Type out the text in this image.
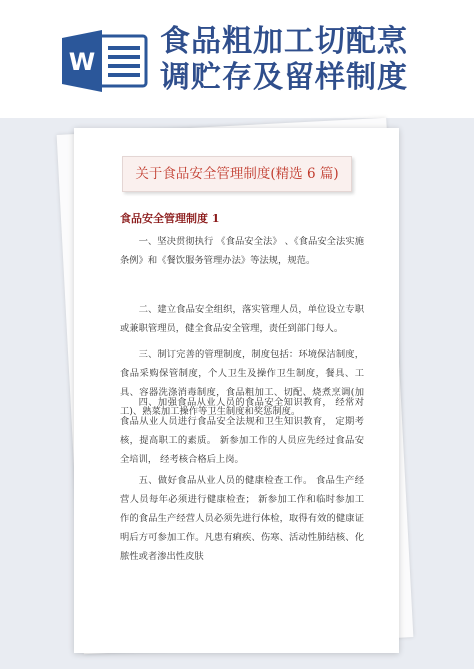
W
食品粗加工切配烹
调贮存及留样制度
关于食品安全管理制度(精选 6 篇)
食品安全管理制度 1
一、坚决贯彻执行 《食品安全法》 、《食品安全法实施条例》和《餐饮服务管理办法》等法规，规范。
二、建立食品安全组织，落实管理人员，单位设立专职或兼职管理员，健全食品安全管理，责任到部门每人。
三、制订完善的管理制度，制度包括：环境保洁制度，食品采购保管制度，个人卫生及操作卫生制度，餐具、工具、容器洗涤消毒制度，食品粗加工、切配、烧煮烹调(加工)、熟菜加工操作等卫生制度和奖惩制度。
四、加强食品从业人员的食品安全知识教育， 经常对食品从业人员进行食品安全法规和卫生知识教育， 定期考核，提高职工的素质。 新参加工作的人员应先经过食品安全培训， 经考核合格后上岗。
五、做好食品从业人员的健康检查工作。 食品生产经营人员每年必须进行健康检查； 新参加工作和临时参加工作的食品生产经营人员必须先进行体检，取得有效的健康证明后方可参加工作。凡患有痢疾、伤寒、活动性肺结核、化脓性或者渗出性皮肤
